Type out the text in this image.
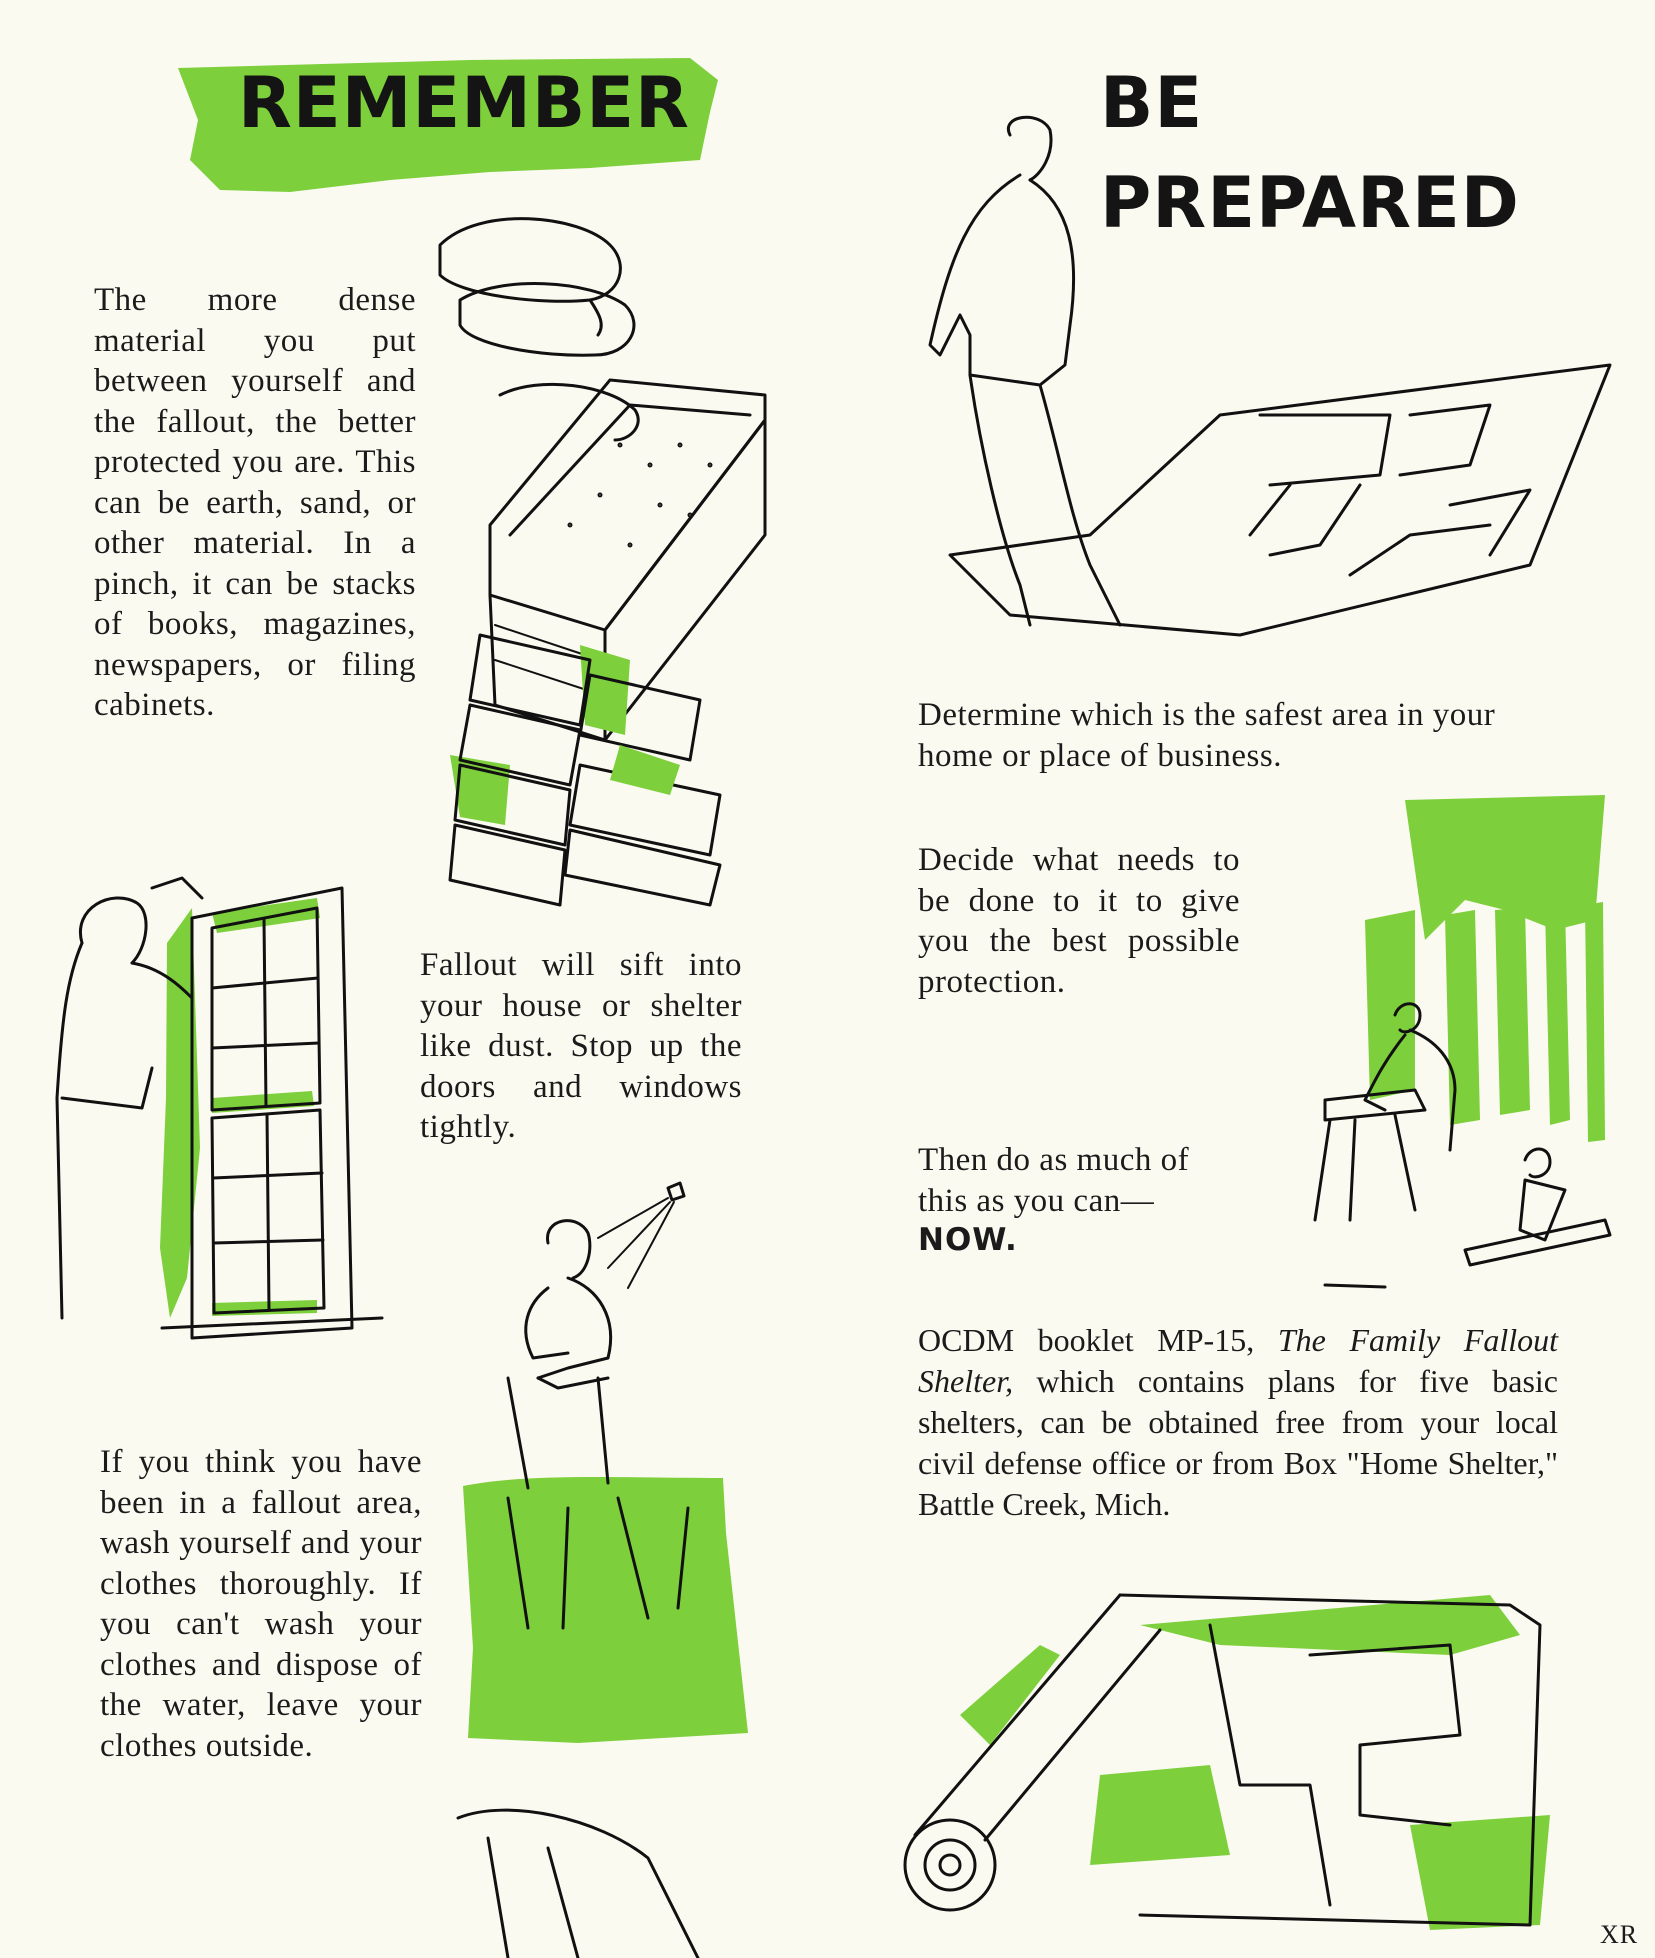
REMEMBER

The more dense material you put between yourself and the fallout, the better protected you are. This can be earth, sand, or other material. In a pinch, it can be stacks of books, magazines, newspapers, or filing cabinets.

Fallout will sift into your house or shelter like dust. Stop up the doors and windows tightly.

If you think you have been in a fallout area, wash yourself and your clothes thoroughly. If you can't wash your clothes and dispose of the water, leave your clothes outside.

BE
PREPARED

Determine which is the safest area in your home or place of business.

Decide what needs to be done to it to give you the best possible protection.

Then do as much of this as you can—

NOW.

OCDM booklet MP-15, The Family Fallout Shelter, which contains plans for five basic shelters, can be obtained free from your local civil defense office or from Box "Home Shelter," Battle Creek, Mich.

XR
